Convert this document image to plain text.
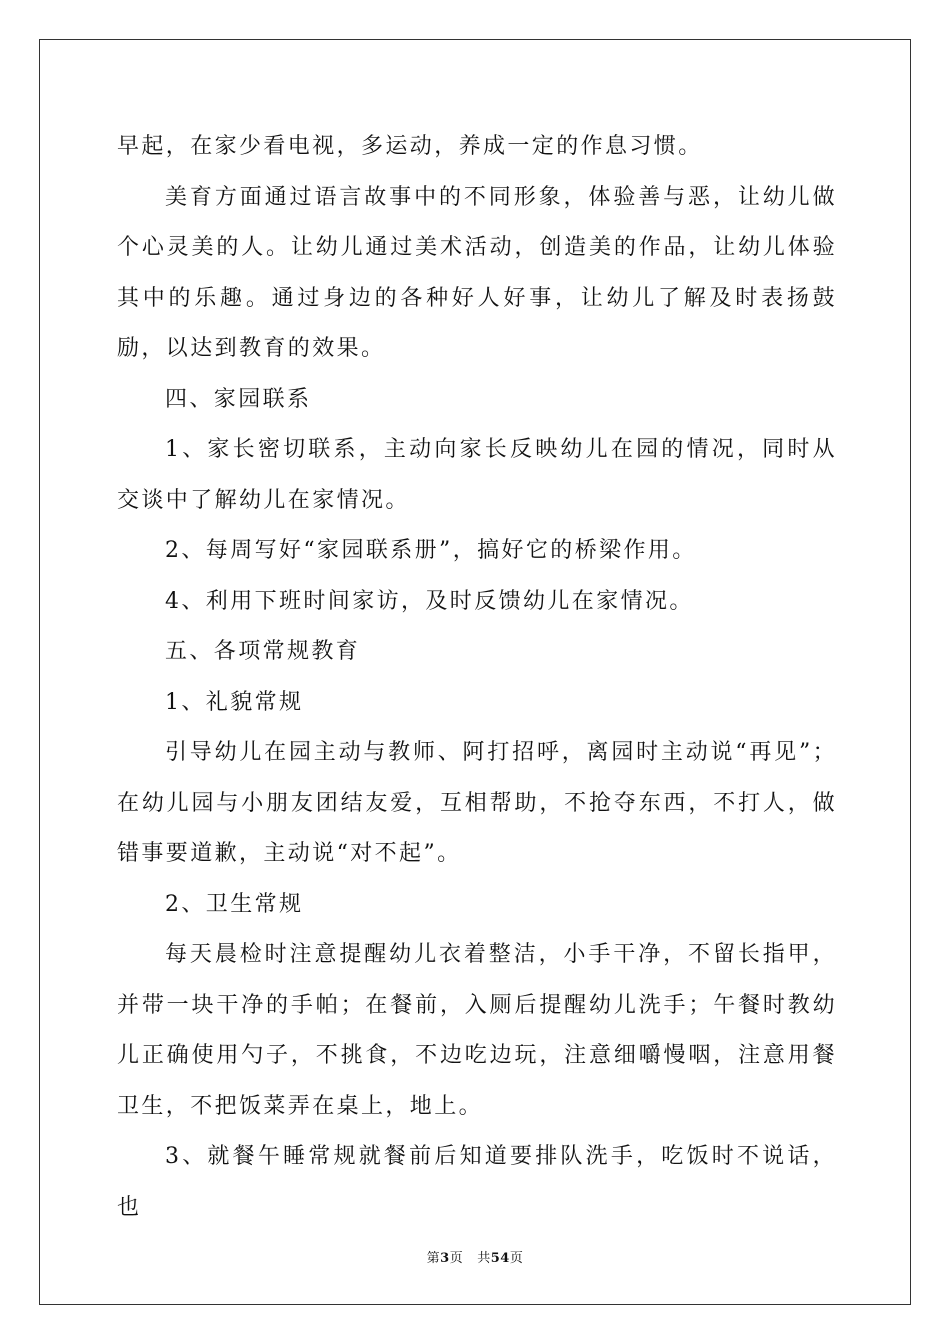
早起，在家少看电视，多运动，养成一定的作息习惯。

美育方面通过语言故事中的不同形象，体验善与恶，让幼儿做个心灵美的人。让幼儿通过美术活动，创造美的作品，让幼儿体验其中的乐趣。通过身边的各种好人好事，让幼儿了解及时表扬鼓励，以达到教育的效果。

四、家园联系

1、家长密切联系，主动向家长反映幼儿在园的情况，同时从交谈中了解幼儿在家情况。

2、每周写好“家园联系册”，搞好它的桥梁作用。

4、利用下班时间家访，及时反馈幼儿在家情况。

五、各项常规教育

1、礼貌常规

引导幼儿在园主动与教师、阿打招呼，离园时主动说“再见”；在幼儿园与小朋友团结友爱，互相帮助，不抢夺东西，不打人，做错事要道歉，主动说“对不起”。

2、卫生常规

每天晨检时注意提醒幼儿衣着整洁，小手干净，不留长指甲，并带一块干净的手帕；在餐前，入厕后提醒幼儿洗手；午餐时教幼儿正确使用勺子，不挑食，不边吃边玩，注意细嚼慢咽，注意用餐卫生，不把饭菜弄在桌上，地上。

3、就餐午睡常规就餐前后知道要排队洗手，吃饭时不说话，也

第3页 共54页
